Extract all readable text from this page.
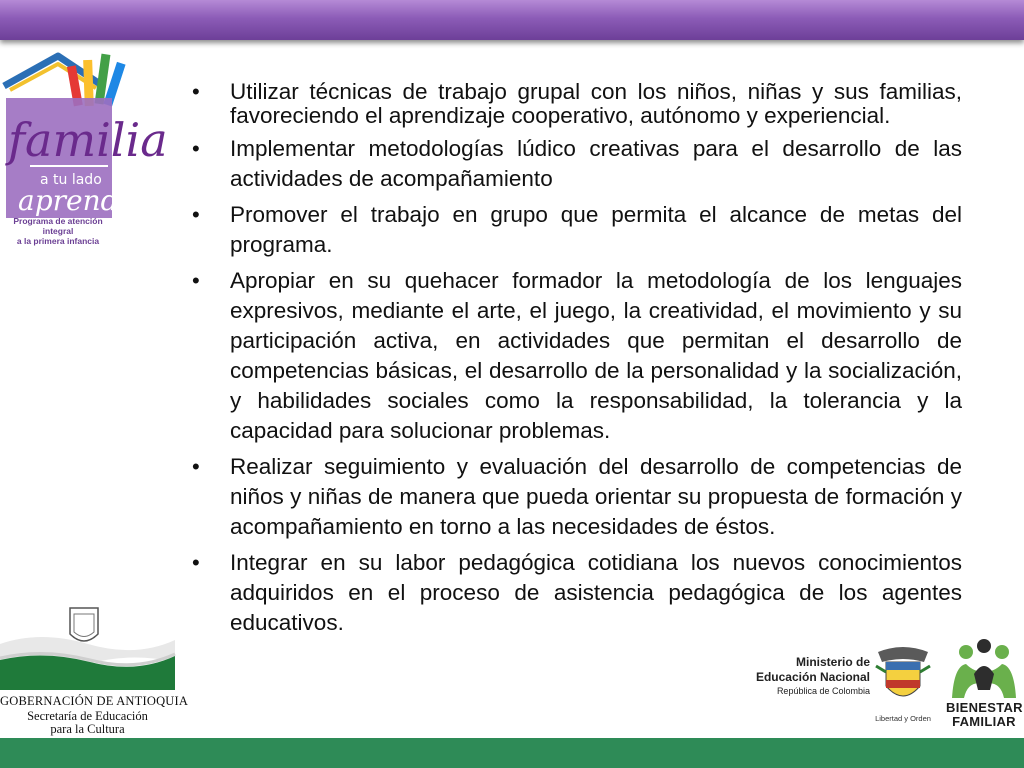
familia
a tu lado
aprendo
Programa de atención integral
a la primera infancia
• Utilizar técnicas de trabajo grupal con los niños, niñas y sus familias, favoreciendo el aprendizaje cooperativo, autónomo y experiencial.
• Implementar metodologías lúdico creativas para el desarrollo de las actividades de acompañamiento
• Promover el trabajo en grupo que permita el alcance de metas del programa.
• Apropiar en su quehacer formador la metodología de los lenguajes expresivos, mediante el arte, el juego, la creatividad, el movimiento y su participación activa, en actividades que permitan el desarrollo de competencias básicas, el desarrollo de la personalidad y la socialización, y habilidades sociales como la responsabilidad, la tolerancia y la capacidad para solucionar problemas.
• Realizar seguimiento y evaluación del desarrollo de competencias de niños y niñas de manera que pueda orientar su propuesta de formación y acompañamiento en torno a las necesidades de éstos.
• Integrar en su labor pedagógica cotidiana los nuevos conocimientos adquiridos en el proceso de asistencia pedagógica de los agentes educativos.
GOBERNACIÓN DE ANTIOQUIA
Secretaría de Educación
para la Cultura
Ministerio de
Educación Nacional
República de Colombia
Libertad y Orden
BIENESTAR
FAMILIAR
